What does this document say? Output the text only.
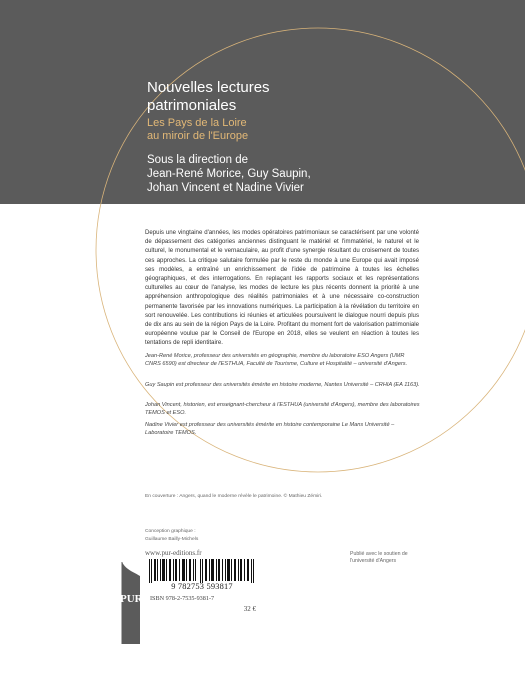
Nouvelles lectures
patrimoniales
Les Pays de la Loire
au miroir de l'Europe
Sous la direction de
Jean-René Morice, Guy Saupin,
Johan Vincent et Nadine Vivier
Depuis une vingtaine d'années, les modes opératoires patrimoniaux se caractérisent par une volonté de dépassement des catégories anciennes distinguant le matériel et l'immatériel, le naturel et le culturel, le monumental et le vernaculaire, au profit d'une synergie résultant du croisement de toutes ces approches. La critique salutaire formulée par le reste du monde à une Europe qui avait imposé ses modèles, a entraîné un enrichissement de l'idée de patrimoine à toutes les échelles géographiques, et des interrogations. En replaçant les rapports sociaux et les représentations culturelles au cœur de l'analyse, les modes de lecture les plus récents donnent la priorité à une appréhension anthropologique des réalités patrimoniales et à une nécessaire co-construction permanente favorisée par les innovations numériques. La participation à la révélation du territoire en sort renouvelée. Les contributions ici réunies et articulées poursuivent le dialogue nourri depuis plus de dix ans au sein de la région Pays de la Loire. Profitant du moment fort de valorisation patrimoniale européenne voulue par le Conseil de l'Europe en 2018, elles se veulent en réaction à toutes les tentations de repli identitaire.
Jean-René Morice, professeur des universités en géographie, membre du laboratoire ESO Angers (UMR CNRS 6590) est directeur de l'ESTHUA, Faculté de Tourisme, Culture et Hospitalité – université d'Angers.
Guy Saupin est professeur des universités émérite en histoire moderne, Nantes Université – CRHIA (EA 1163).
Johan Vincent, historien, est enseignant-chercheur à l'ESTHUA (université d'Angers), membre des laboratoires TEMOS et ESO.
Nadine Vivier est professeur des universités émérite en histoire contemporaine Le Mans Université – Laboratoire TEMOS.
En couverture : Angers, quand le moderne révèle le patrimoine. © Mathieu Zémiri.
Conception graphique :
Guillaume Bailly-Michels
www.pur-editions.fr
9 782753 593817
ISBN 978-2-7535-9381-7
32 €
Publié avec le soutien de
l'université d'Angers
PUR
